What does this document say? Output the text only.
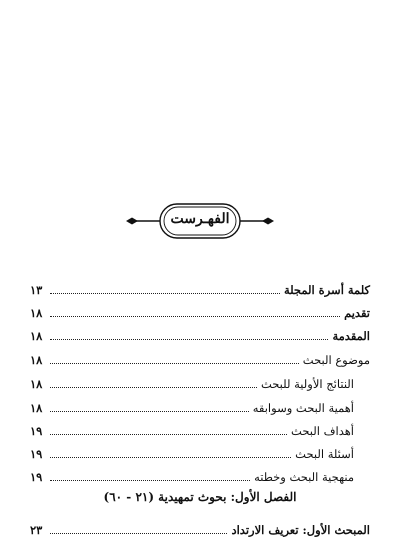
الفهـرست
كلمة أسرة المجلة
١٣
تقديم
١٨
المقدمة
١٨
موضوع البحث
١٨
النتائج الأولية للبحث
١٨
أهمية البحث وسوابقه
١٨
أهداف البحث
١٩
أسئلة البحث
١٩
منهجية البحث وخطته
١٩
المبحث الأول: تعريف الارتداد
٢٣
الفصل الأول: بحوث تمهيدية (٢١ - ٦٠)
